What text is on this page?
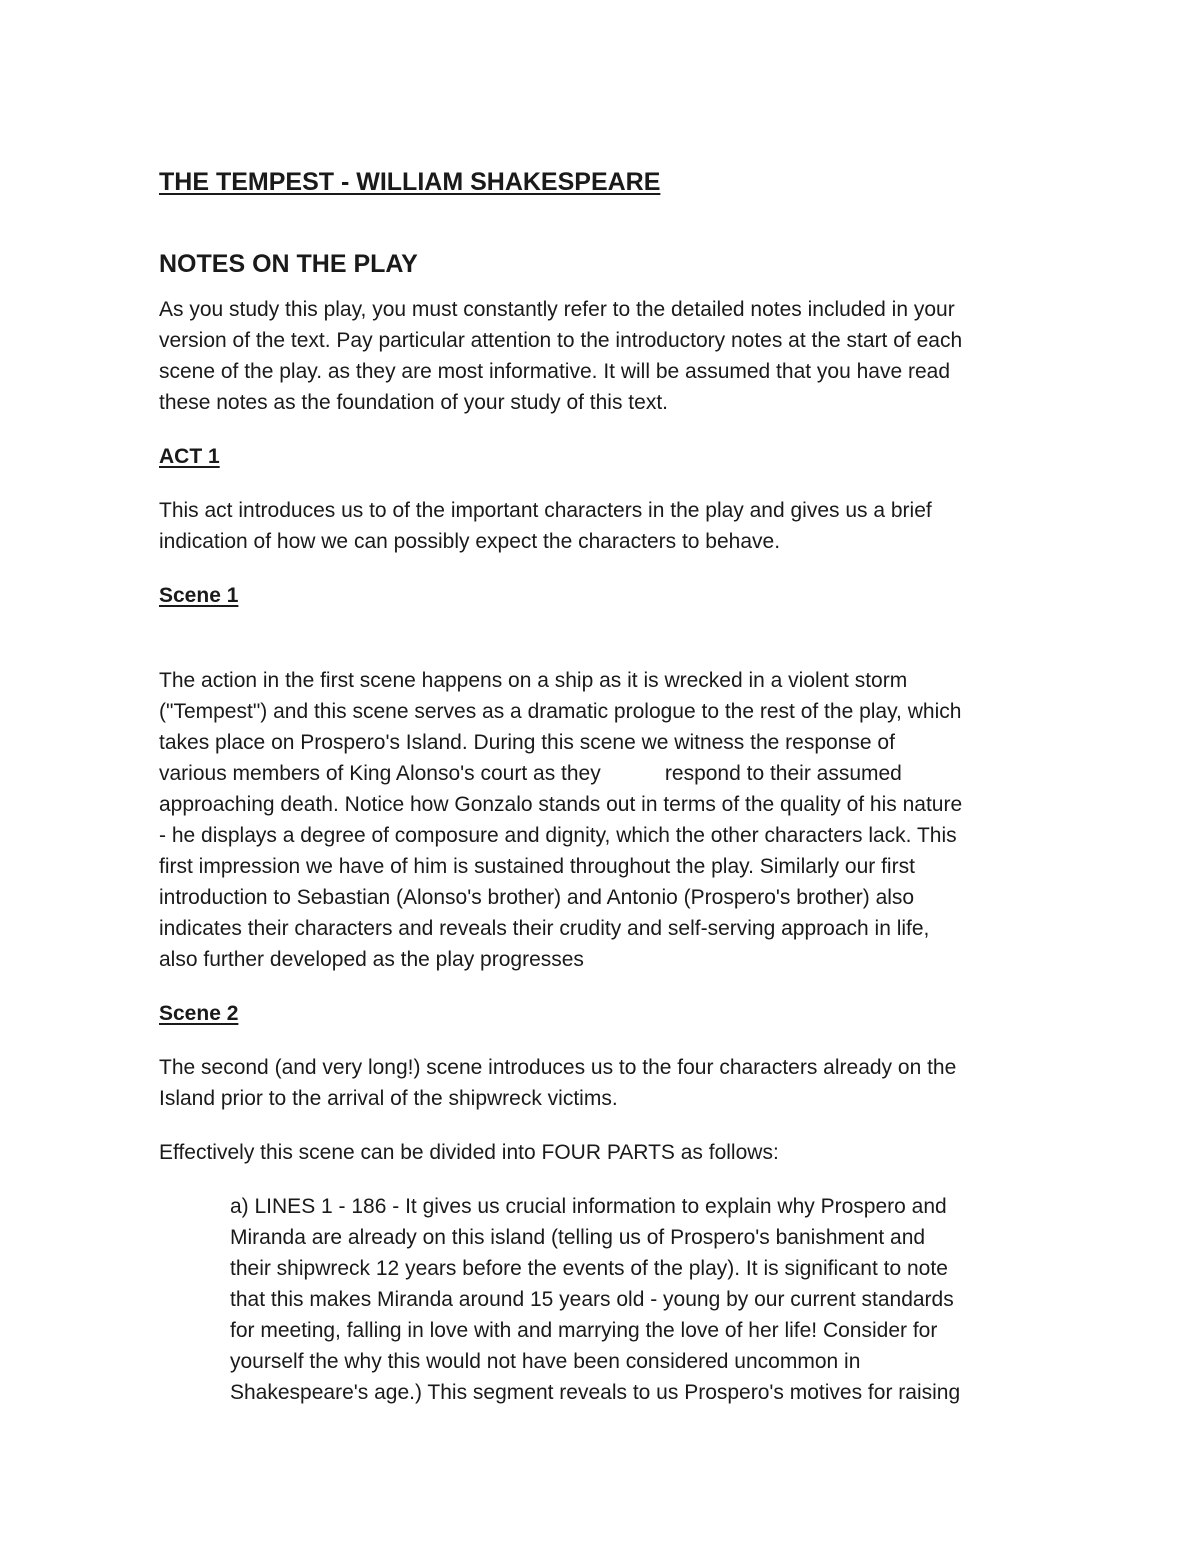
THE TEMPEST - WILLIAM SHAKESPEARE
NOTES ON THE PLAY

As you study this play, you must constantly refer to the detailed notes included in your
version of the text. Pay particular attention to the introductory notes at the start of each
scene of the play. as they are most informative. It will be assumed that you have read
these notes as the foundation of your study of this text.

ACT 1

This act introduces us to of the important characters in the play and gives us a brief
indication of how we can possibly expect the characters to behave.

Scene 1

The action in the first scene happens on a ship as it is wrecked in a violent storm
("Tempest") and this scene serves as a dramatic prologue to the rest of the play, which
takes place on Prospero's Island. During this scene we witness the response of
various members of King Alonso's court as they           respond to their assumed
approaching death. Notice how Gonzalo stands out in terms of the quality of his nature
- he displays a degree of composure and dignity, which the other characters lack. This
first impression we have of him is sustained throughout the play. Similarly our first
introduction to Sebastian (Alonso's brother) and Antonio (Prospero's brother) also
indicates their characters and reveals their crudity and self-serving approach in life,
also further developed as the play progresses

Scene 2

The second (and very long!) scene introduces us to the four characters already on the
Island prior to the arrival of the shipwreck victims.

Effectively this scene can be divided into FOUR PARTS as follows:

a) LINES 1 - 186 - It gives us crucial information to explain why Prospero and
Miranda are already on this island (telling us of Prospero's banishment and
their shipwreck 12 years before the events of the play). It is significant to note
that this makes Miranda around 15 years old - young by our current standards
for meeting, falling in love with and marrying the love of her life! Consider for
yourself the why this would not have been considered uncommon in
Shakespeare's age.) This segment reveals to us Prospero's motives for raising
